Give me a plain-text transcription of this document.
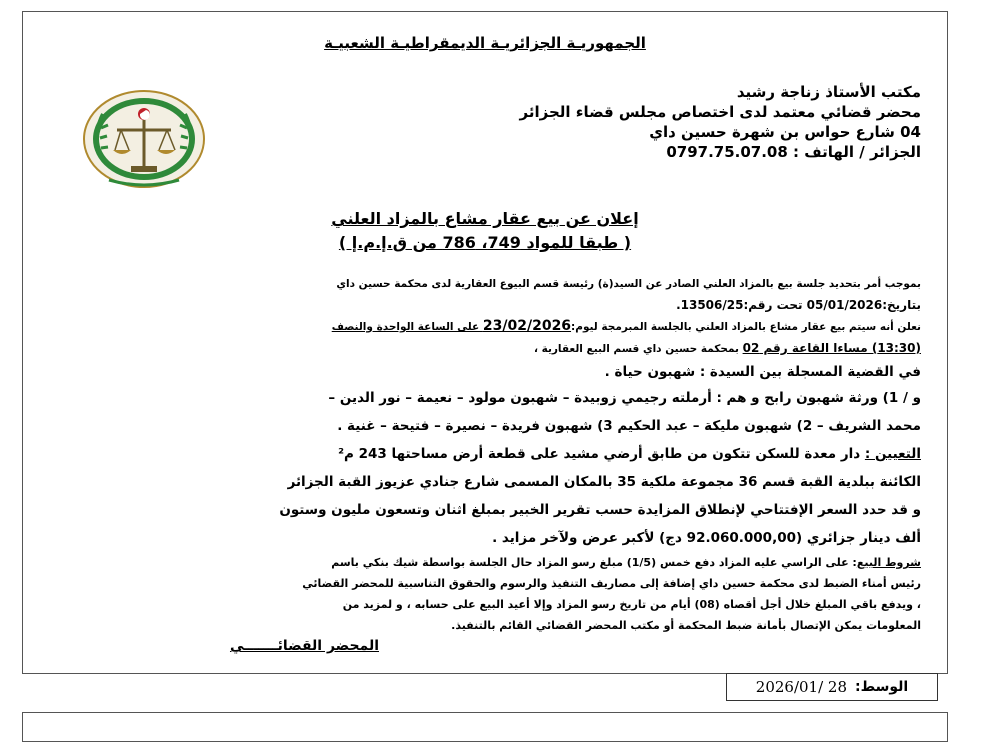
الجمهوريـة الجزائريـة الديمقراطيـة الشعبيـة
مكتب الأستاذ زناجة رشيد
محضر قضائي معتمد لدى اختصاص مجلس قضاء الجزائر
04 شارع حواس بن شهرة حسين داي
الجزائر / الهاتف : 0797.75.07.08
إعلان عن بيع عقار مشاع بالمزاد العلني
( طبقا للمواد 749، 786 من ق.إ.م.إ )
بموجب أمر بتحديد جلسة بيع بالمزاد العلني الصادر عن السيد(ة) رئيسة قسم البيوع العقارية لدى محكمة حسين داي
بتاريخ:05/01/2026 تحت رقم:13506/25.
نعلن أنه سيتم بيع عقار مشاع بالمزاد العلني بالجلسة المبرمجة ليوم:23/02/2026 على الساعة الواحدة والنصف
(13:30) مساءا القاعة رقم 02 بمحكمة حسين داي قسم البيع العقارية ،
في القضية المسجلة بين السيدة : شهبون حياة .
و / 1) ورثة شهبون رابح و هم : أرملته رجيمي زوبيدة – شهبون مولود – نعيمة – نور الدين –
محمد الشريف – 2) شهبون مليكة – عبد الحكيم 3) شهبون فريدة – نصيرة – فتيحة – غنية .
التعيين : دار معدة للسكن تتكون من طابق أرضي مشيد على قطعة أرض مساحتها 243 م²
الكائنة ببلدية القبة قسم 36 مجموعة ملكية 35 بالمكان المسمى شارع جنادي عزيوز القبة الجزائر
و قد حدد السعر الإفتتاحي لإنطلاق المزايدة حسب تقرير الخبير بمبلغ اثنان وتسعون مليون وستون
ألف دينار جزائري (92.060.000,00 دج) لأكبر عرض ولآخر مزايد .
شروط البيع: على الراسي عليه المزاد دفع خمس (1/5) مبلغ رسو المزاد حال الجلسة بواسطة شيك بنكي باسم
رئيس أمناء الضبط لدى محكمة حسين داي إضافة إلى مصاريف التنفيذ والرسوم والحقوق التناسبية للمحضر القضائي
، ويدفع باقي المبلغ خلال أجل أقصاه (08) أيام من تاريخ رسو المزاد وإلا أعيد البيع على حسابه ، و لمزيد من
المعلومات يمكن الإتصال بأمانة ضبط المحكمة أو مكتب المحضر القضائي القائم بالتنفيذ.
المحضر القضائـــــــي
2026/01/ 28 الوسط:
